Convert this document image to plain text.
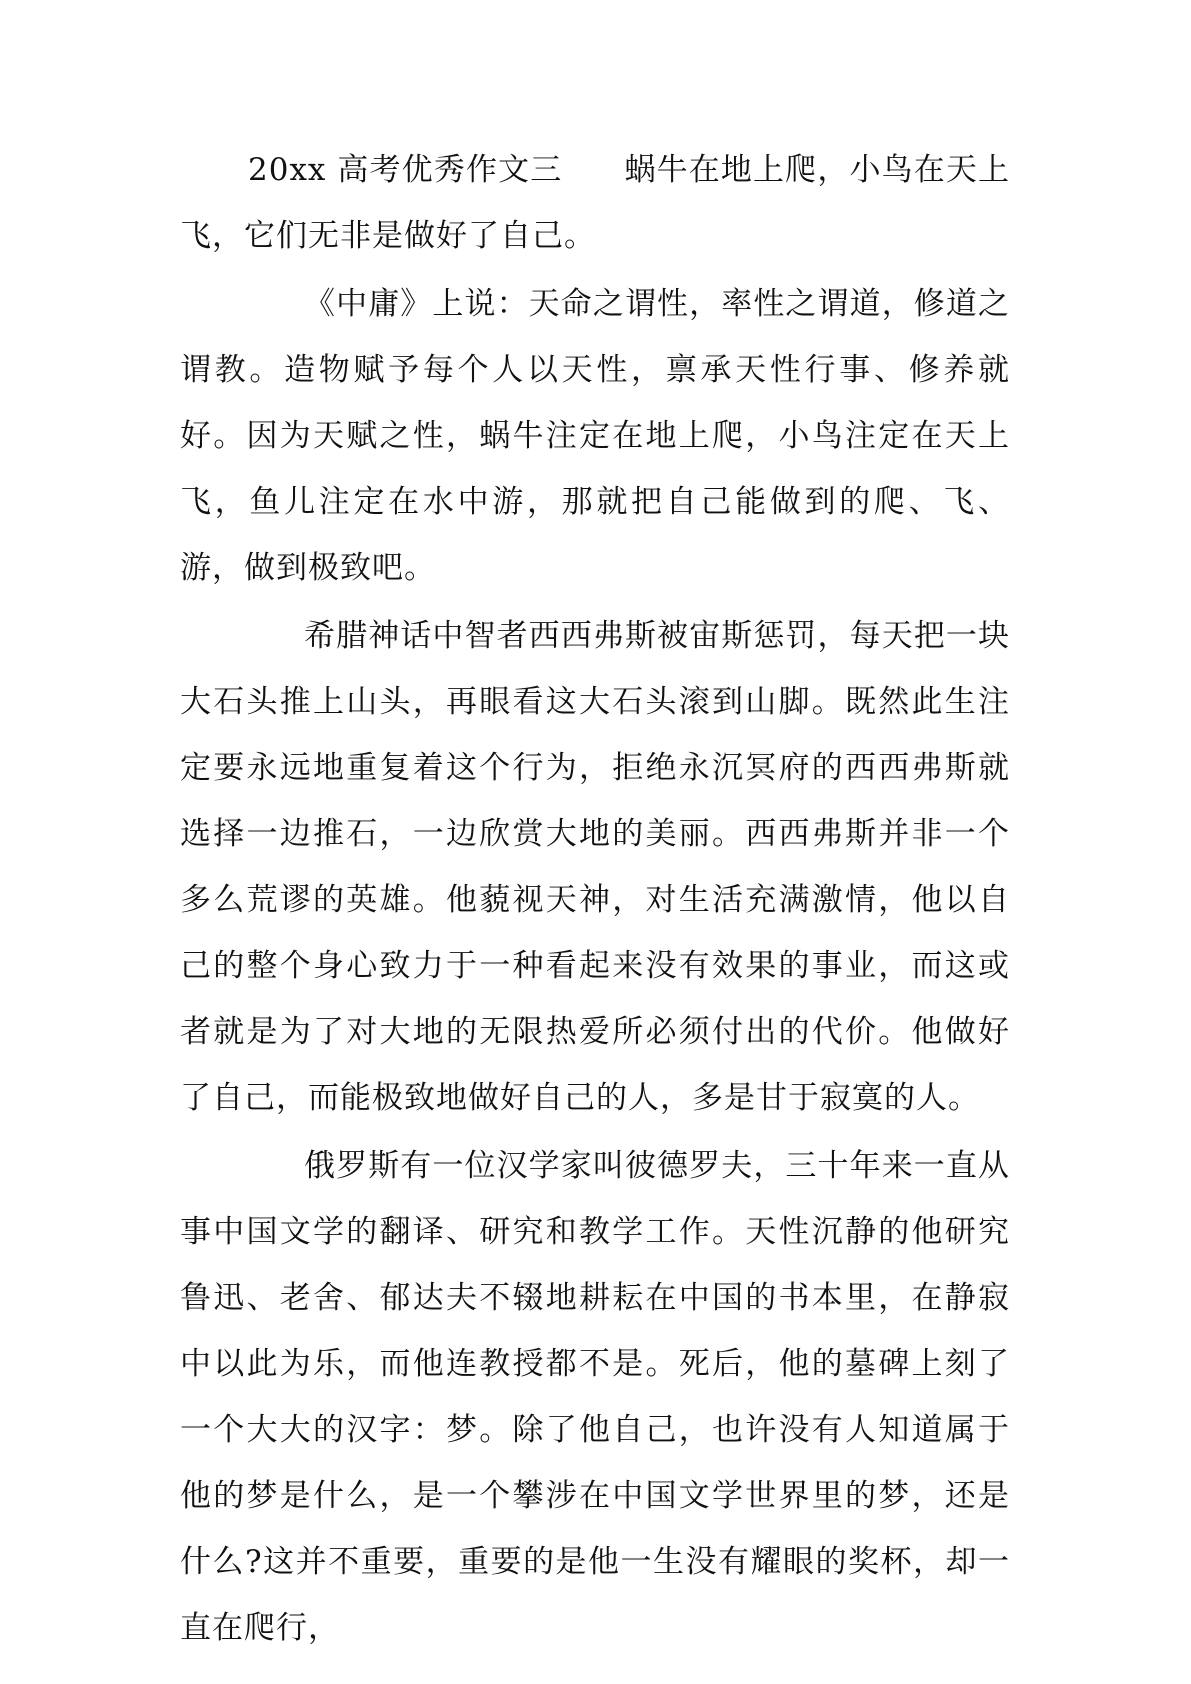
20xx 高考优秀作文三 蜗牛在地上爬，小鸟在天上飞，它们无非是做好了自己。

《中庸》上说：天命之谓性，率性之谓道，修道之谓教。造物赋予每个人以天性，禀承天性行事、修养就好。因为天赋之性，蜗牛注定在地上爬，小鸟注定在天上飞，鱼儿注定在水中游，那就把自己能做到的爬、飞、游，做到极致吧。

希腊神话中智者西西弗斯被宙斯惩罚，每天把一块大石头推上山头，再眼看这大石头滚到山脚。既然此生注定要永远地重复着这个行为，拒绝永沉冥府的西西弗斯就选择一边推石，一边欣赏大地的美丽。西西弗斯并非一个多么荒谬的英雄。他藐视天神，对生活充满激情，他以自己的整个身心致力于一种看起来没有效果的事业，而这或者就是为了对大地的无限热爱所必须付出的代价。他做好了自己，而能极致地做好自己的人，多是甘于寂寞的人。

俄罗斯有一位汉学家叫彼德罗夫，三十年来一直从事中国文学的翻译、研究和教学工作。天性沉静的他研究鲁迅、老舍、郁达夫不辍地耕耘在中国的书本里，在静寂中以此为乐，而他连教授都不是。死后，他的墓碑上刻了一个大大的汉字：梦。除了他自己，也许没有人知道属于他的梦是什么，是一个攀涉在中国文学世界里的梦，还是什么?这并不重要，重要的是他一生没有耀眼的奖杯，却一直在爬行，
